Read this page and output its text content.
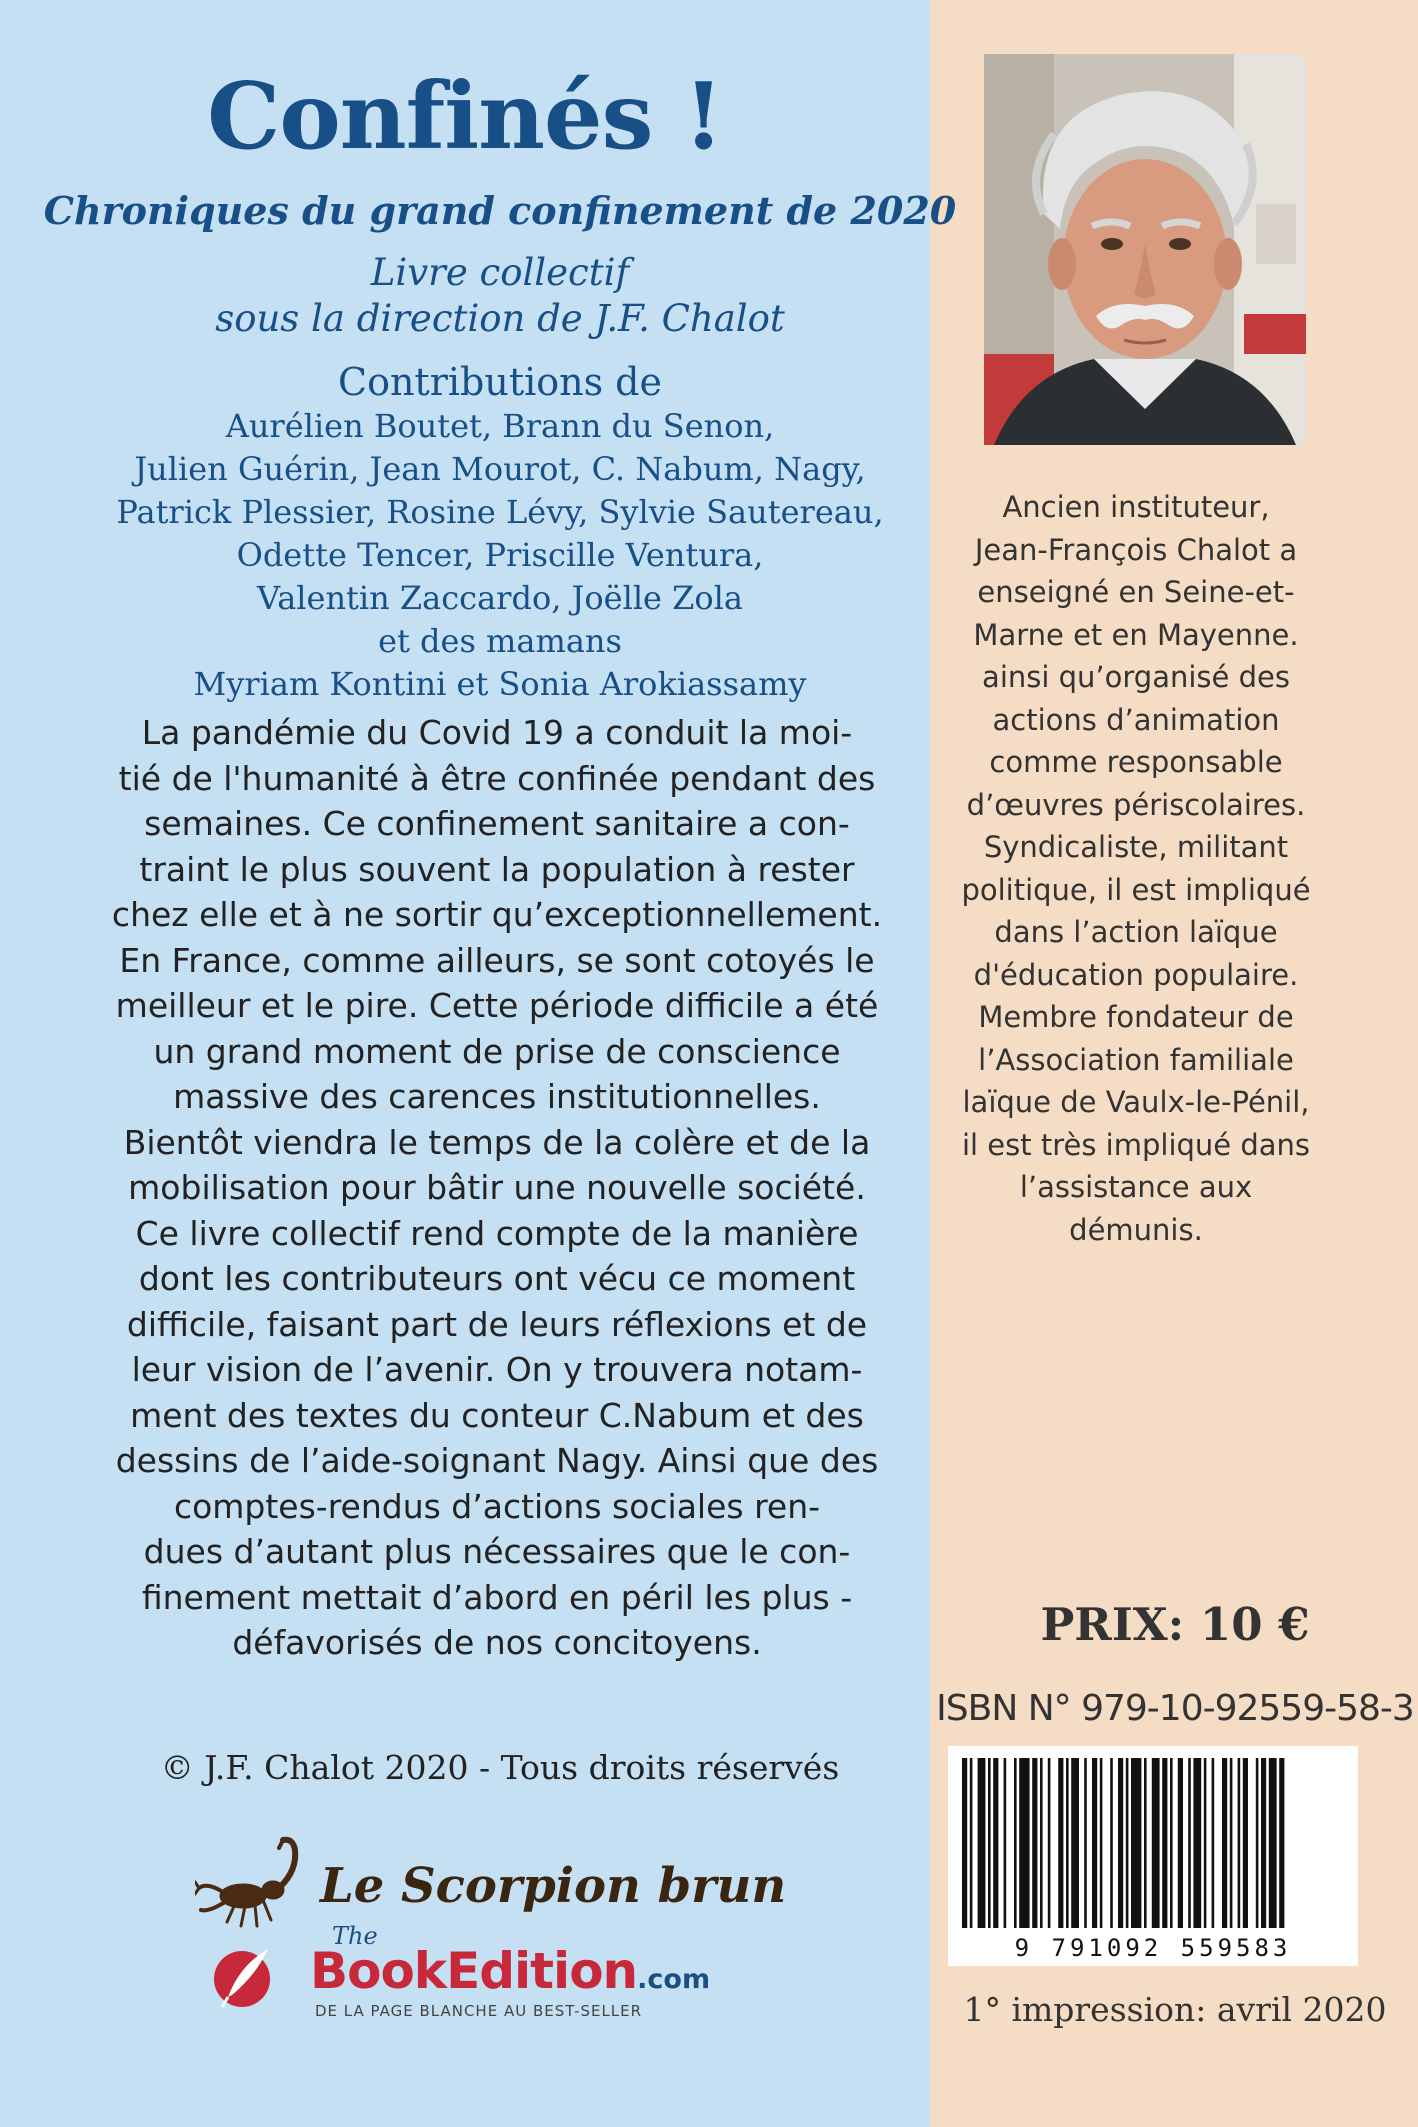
Confinés !
Chroniques du grand confinement de 2020
Livre collectif
sous la direction de J.F. Chalot
Contributions de
Aurélien Boutet, Brann du Senon,
Julien Guérin, Jean Mourot, C. Nabum, Nagy,
Patrick Plessier, Rosine Lévy, Sylvie Sautereau,
Odette Tencer, Priscille Ventura,
Valentin Zaccardo, Joëlle Zola
et des mamans
Myriam Kontini et Sonia Arokiassamy
La pandémie du Covid 19 a conduit la moi-
tié de l'humanité à être confinée pendant des
semaines. Ce confinement sanitaire a con-
traint le plus souvent la population à rester
chez elle et à ne sortir qu’exceptionnellement.
En France, comme ailleurs, se sont cotoyés le
meilleur et le pire. Cette période difficile a été
un grand moment de prise de conscience
massive des carences institutionnelles.
Bientôt viendra le temps de la colère et de la
mobilisation pour bâtir une nouvelle société.
Ce livre collectif rend compte de la manière
dont les contributeurs ont vécu ce moment
difficile, faisant part de leurs réflexions et de
leur vision de l’avenir. On y trouvera notam-
ment des textes du conteur C.Nabum et des
dessins de l’aide-soignant Nagy. Ainsi que des
comptes-rendus d’actions sociales ren-
dues d’autant plus nécessaires que le con-
finement mettait d’abord en péril les plus -
défavorisés de nos concitoyens.
© J.F. Chalot 2020 - Tous droits réservés
Le Scorpion brun
The
BookEdition.com
DE LA PAGE BLANCHE AU BEST-SELLER
Ancien instituteur,
Jean-François Chalot a
enseigné en Seine-et-
Marne et en Mayenne.
ainsi qu’organisé des
actions d’animation
comme responsable
d’œuvres périscolaires.
Syndicaliste, militant
politique, il est impliqué
dans l’action laïque
d'éducation populaire.
Membre fondateur de
l’Association familiale
laïque de Vaulx-le-Pénil,
il est très impliqué dans
l’assistance aux démunis.
PRIX: 10 €
ISBN N° 979-10-92559-58-3
9 791092 559583
1° impression: avril 2020
